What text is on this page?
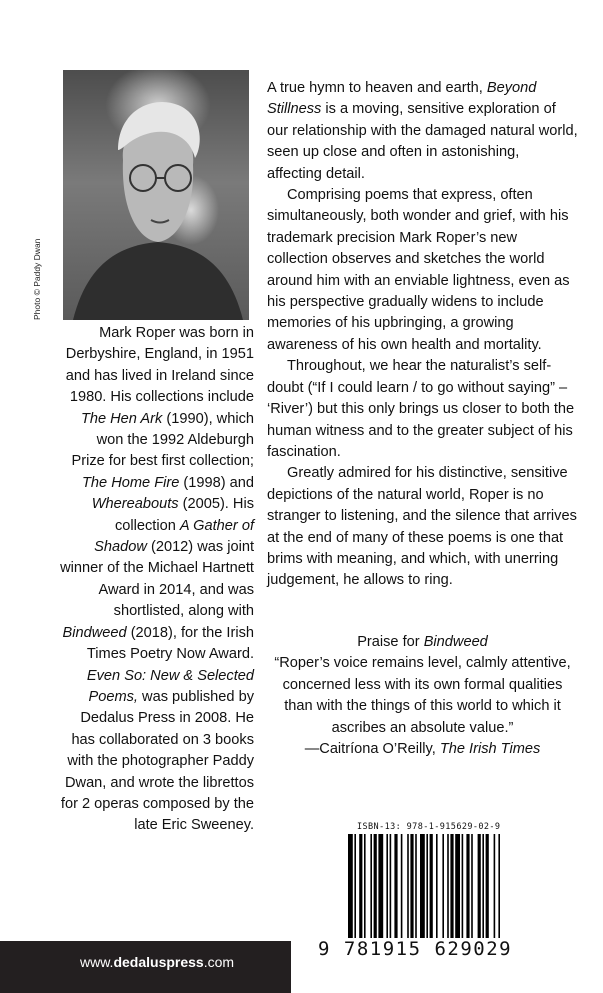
Photo © Paddy Dwan

Mark Roper was born in Derbyshire, England, in 1951 and has lived in Ireland since 1980. His collections include The Hen Ark (1990), which won the 1992 Aldeburgh Prize for best first collection; The Home Fire (1998) and Whereabouts (2005). His collection A Gather of Shadow (2012) was joint winner of the Michael Hartnett Award in 2014, and was shortlisted, along with Bindweed (2018), for the Irish Times Poetry Now Award. Even So: New & Selected Poems, was published by Dedalus Press in 2008. He has collaborated on 3 books with the photographer Paddy Dwan, and wrote the librettos for 2 operas composed by the late Eric Sweeney.

A true hymn to heaven and earth, Beyond Stillness is a moving, sensitive exploration of our relationship with the damaged natural world, seen up close and often in astonishing, affecting detail.

Comprising poems that express, often simultaneously, both wonder and grief, with his trademark precision Mark Roper’s new collection observes and sketches the world around him with an enviable lightness, even as his perspective gradually widens to include memories of his upbringing, a growing awareness of his own health and mortality.

Throughout, we hear the naturalist’s self-doubt (“If I could learn / to go without saying” – ‘River’) but this only brings us closer to both the human witness and to the greater subject of his fascination.

Greatly admired for his distinctive, sensitive depictions of the natural world, Roper is no stranger to listening, and the silence that arrives at the end of many of these poems is one that brims with meaning, and which, with unerring judgement, he allows to ring.

Praise for Bindweed

“Roper’s voice remains level, calmly attentive, concerned less with its own formal qualities than with the things of this world to which it ascribes an absolute value.”

—Caitríona O’Reilly, The Irish Times

ISBN-13: 978-1-915629-02-9
9 781915 629029
www.dedaluspress.com
